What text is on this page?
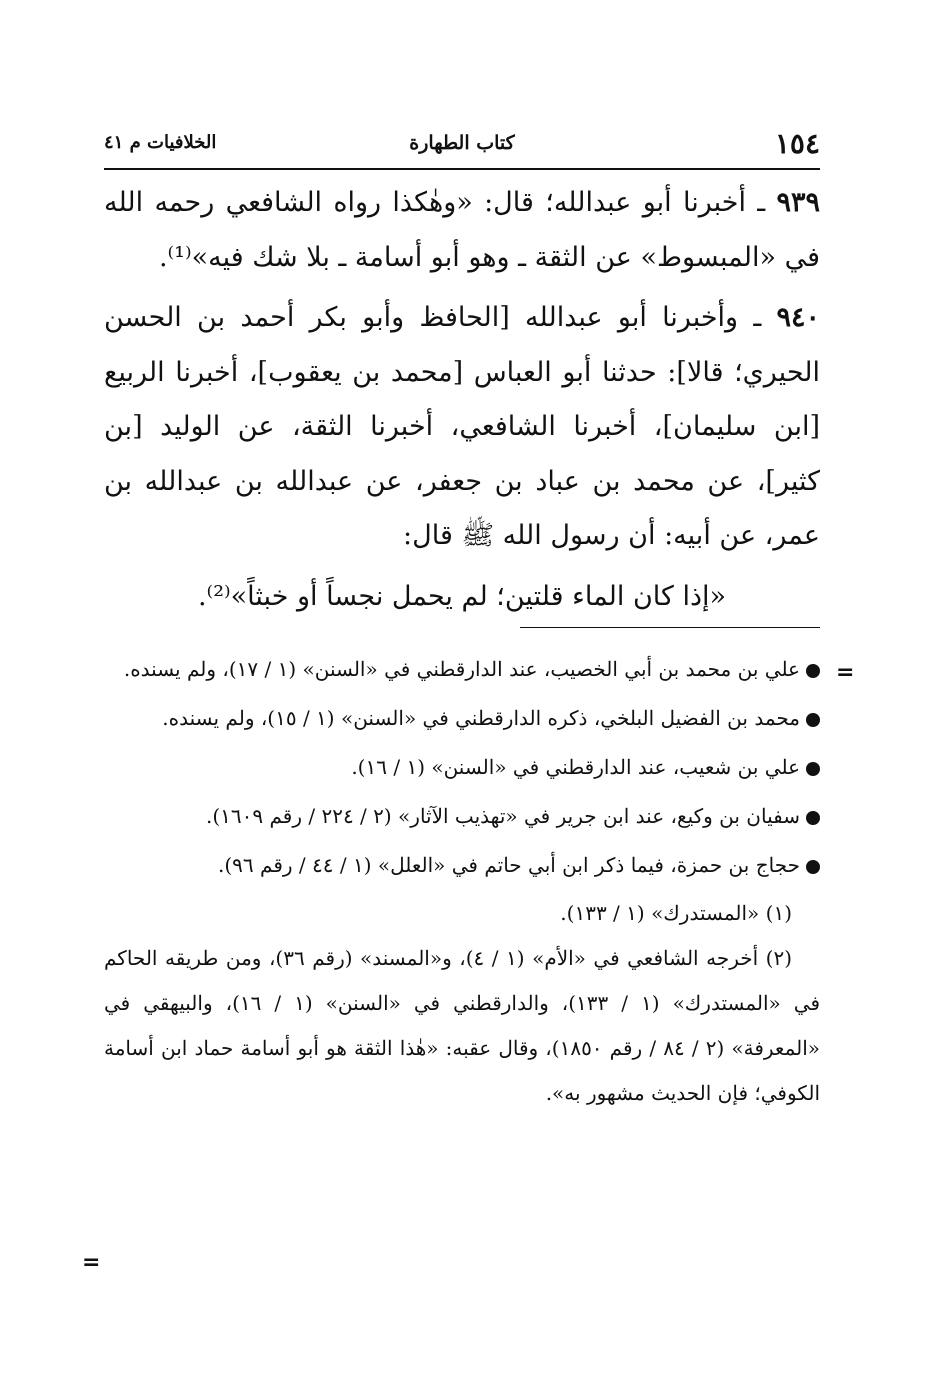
١٥٤
كتاب الطهارة
الخلافيات م ٤١

٩٣٩ ـ أخبرنا أبو عبدالله؛ قال: «وهٰكذا رواه الشافعي رحمه الله في «المبسوط» عن الثقة ـ وهو أبو أسامة ـ بلا شك فيه»⁽¹⁾.

٩٤٠ ـ وأخبرنا أبو عبدالله [الحافظ وأبو بكر أحمد بن الحسن الحيري؛ قالا]: حدثنا أبو العباس [محمد بن يعقوب]، أخبرنا الربيع [ابن سليمان]، أخبرنا الشافعي، أخبرنا الثقة، عن الوليد [بن كثير]، عن محمد بن عباد بن جعفر، عن عبدالله بن عبدالله بن عمر، عن أبيه: أن رسول الله ﷺ قال:

«إذا كان الماء قلتين؛ لم يحمل نجساً أو خبثاً»⁽²⁾.

=

علي بن محمد بن أبي الخصيب، عند الدارقطني في «السنن» (١ / ١٧)، ولم يسنده.

محمد بن الفضيل البلخي، ذكره الدارقطني في «السنن» (١ / ١٥)، ولم يسنده.

علي بن شعيب، عند الدارقطني في «السنن» (١ / ١٦).

سفيان بن وكيع، عند ابن جرير في «تهذيب الآثار» (٢ / ٢٢٤ / رقم ١٦٠٩).

حجاج بن حمزة، فيما ذكر ابن أبي حاتم في «العلل» (١ / ٤٤ / رقم ٩٦).

(١) «المستدرك» (١ / ١٣٣).

(٢) أخرجه الشافعي في «الأم» (١ / ٤)، و«المسند» (رقم ٣٦)، ومن طريقه الحاكم في «المستدرك» (١ / ١٣٣)، والدارقطني في «السنن» (١ / ١٦)، والبيهقي في «المعرفة» (٢ / ٨٤ / رقم ١٨٥٠)، وقال عقبه: «هٰذا الثقة هو أبو أسامة حماد ابن أسامة الكوفي؛ فإن الحديث مشهور به».

=
